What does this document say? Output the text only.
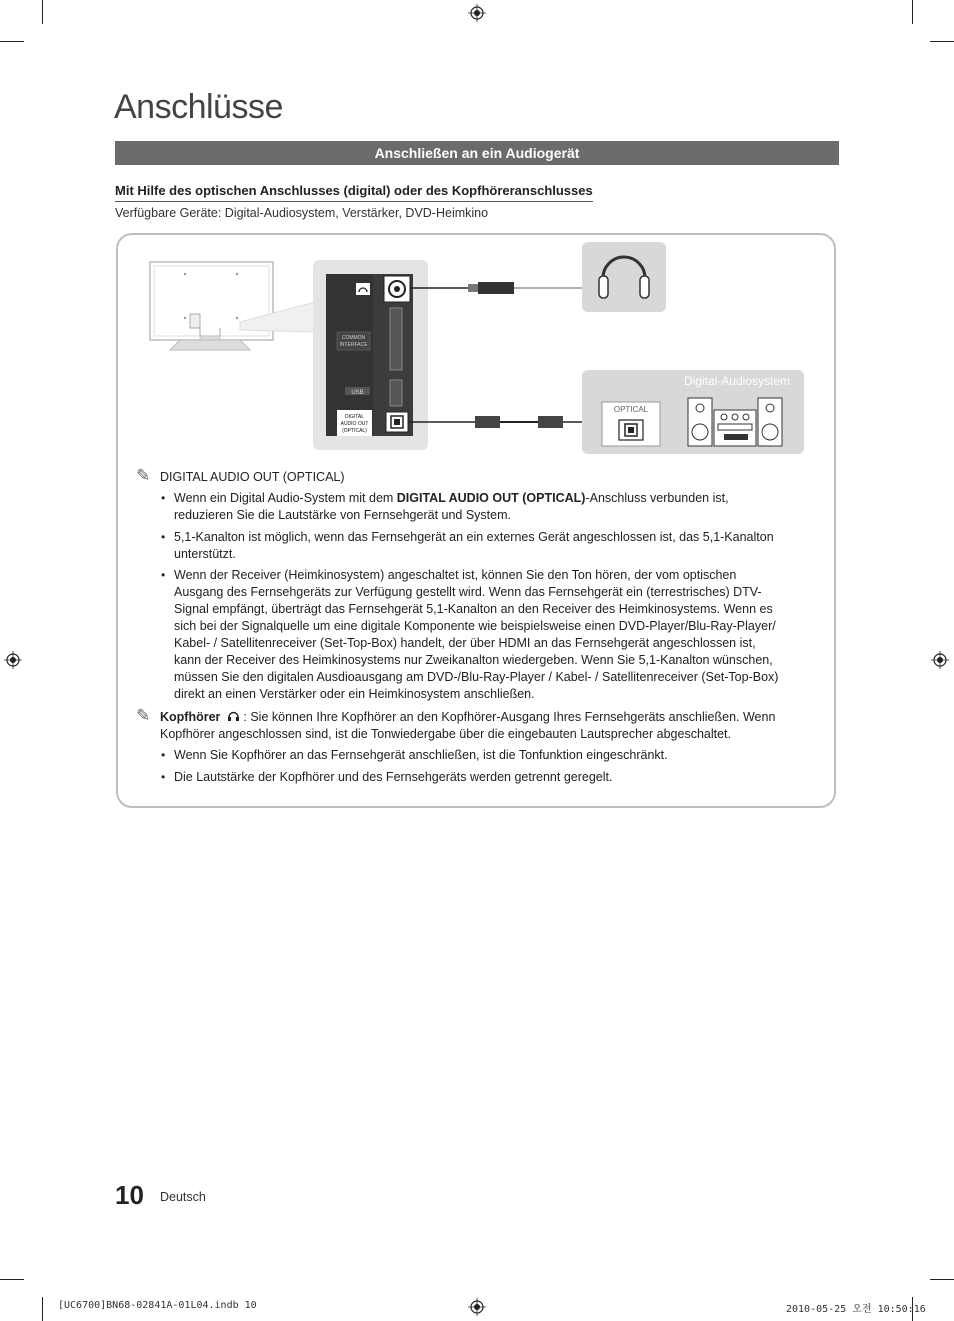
Anschlüsse
Anschließen an ein Audiogerät
Mit Hilfe des optischen Anschlusses (digital) oder des Kopfhöreranschlusses
Verfügbare Geräte: Digital-Audiosystem, Verstärker, DVD-Heimkino
COMMON
INTERFACE
USB
DIGITAL
AUDIO OUT
(OPTICAL)
Digital-Audiosystem
OPTICAL
✎ DIGITAL AUDIO OUT (OPTICAL)
• Wenn ein Digital Audio-System mit dem DIGITAL AUDIO OUT (OPTICAL)-Anschluss verbunden ist,
reduzieren Sie die Lautstärke von Fernsehgerät und System.
• 5,1-Kanalton ist möglich, wenn das Fernsehgerät an ein externes Gerät angeschlossen ist, das 5,1-Kanalton
unterstützt.
• Wenn der Receiver (Heimkinosystem) angeschaltet ist, können Sie den Ton hören, der vom optischen
Ausgang des Fernsehgeräts zur Verfügung gestellt wird. Wenn das Fernsehgerät ein (terrestrisches) DTV-
Signal empfängt, überträgt das Fernsehgerät 5,1-Kanalton an den Receiver des Heimkinosystems. Wenn es
sich bei der Signalquelle um eine digitale Komponente wie beispielsweise einen DVD-Player/Blu-Ray-Player/
Kabel- / Satellitenreceiver (Set-Top-Box) handelt, der über HDMI an das Fernsehgerät angeschlossen ist,
kann der Receiver des Heimkinosystems nur Zweikanalton wiedergeben. Wenn Sie 5,1-Kanalton wünschen,
müssen Sie den digitalen Ausdioausgang am DVD-/Blu-Ray-Player / Kabel- / Satellitenreceiver (Set-Top-Box)
direkt an einen Verstärker oder ein Heimkinosystem anschließen.
✎ Kopfhörer  : Sie können Ihre Kopfhörer an den Kopfhörer-Ausgang Ihres Fernsehgeräts anschließen. Wenn
Kopfhörer angeschlossen sind, ist die Tonwiedergabe über die eingebauten Lautsprecher abgeschaltet.
• Wenn Sie Kopfhörer an das Fernsehgerät anschließen, ist die Tonfunktion eingeschränkt.
• Die Lautstärke der Kopfhörer und des Fernsehgeräts werden getrennt geregelt.
10 Deutsch
[UC6700]BN68-02841A-01L04.indb 10	2010-05-25 오전 10:50:16
